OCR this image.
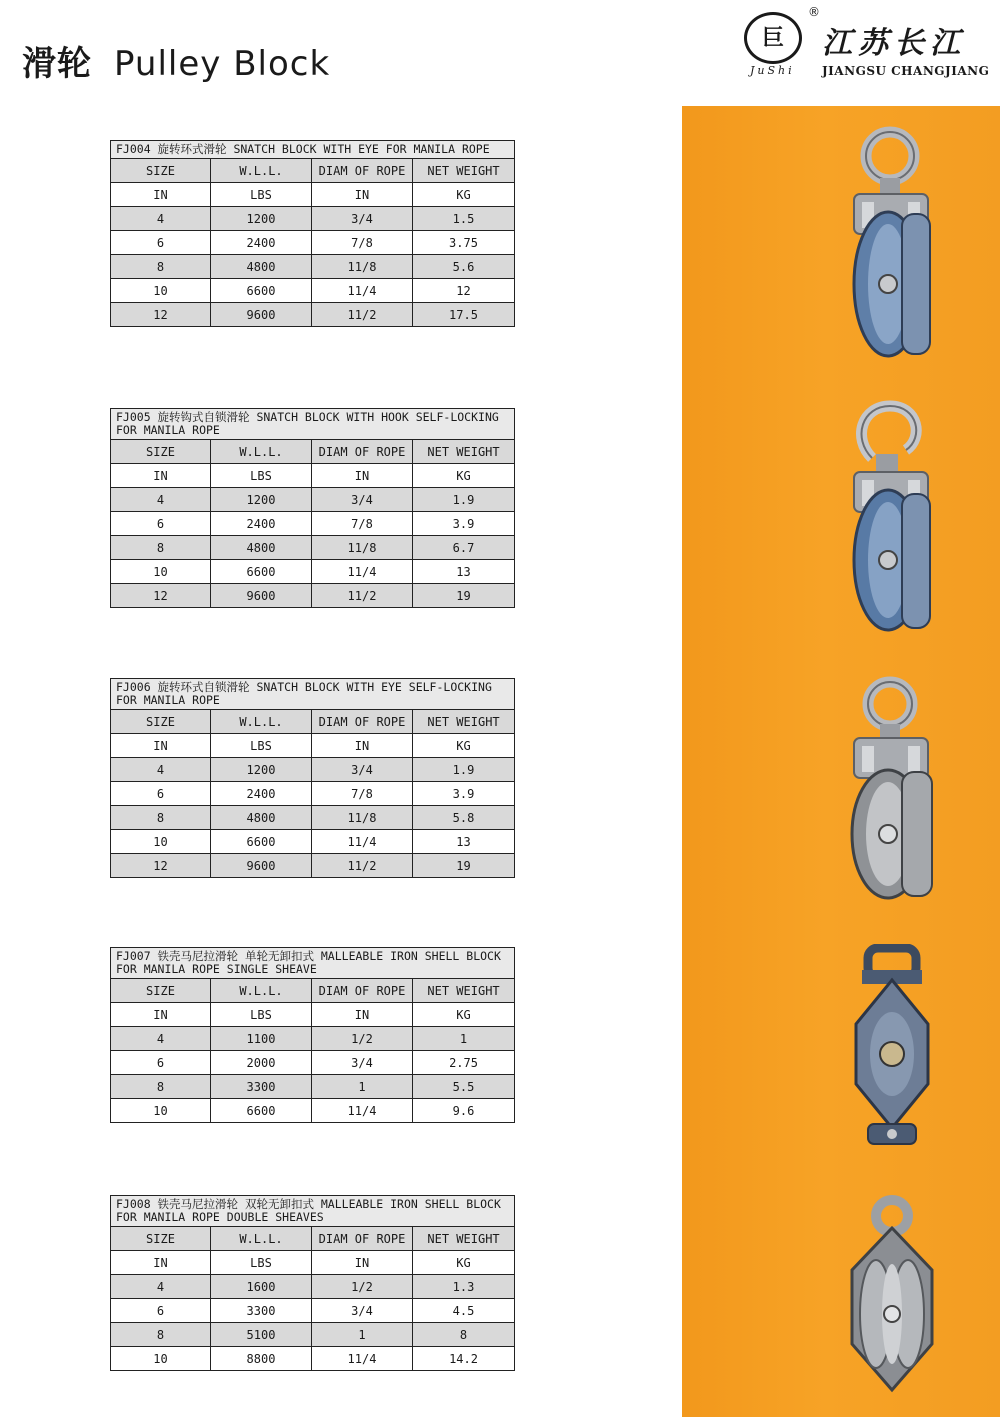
滑轮 Pulley Block
巨
JuShi
®
江苏长江
JIANGSU CHANGJIANG
FJ004 旋转环式滑轮 SNATCH BLOCK WITH EYE FOR MANILA ROPE			
SIZE	W.L.L.	DIAM OF ROPE	NET WEIGHT
IN	LBS	IN	KG
4	1200	3/4	1.5
6	2400	7/8	3.75
8	4800	11/8	5.6
10	6600	11/4	12
12	9600	11/2	17.5
FJ005 旋转钩式自锁滑轮 SNATCH BLOCK WITH HOOK SELF-LOCKING FOR MANILA ROPE			
SIZE	W.L.L.	DIAM OF ROPE	NET WEIGHT
IN	LBS	IN	KG
4	1200	3/4	1.9
6	2400	7/8	3.9
8	4800	11/8	6.7
10	6600	11/4	13
12	9600	11/2	19
FJ006 旋转环式自锁滑轮 SNATCH BLOCK WITH EYE SELF-LOCKING FOR MANILA ROPE			
SIZE	W.L.L.	DIAM OF ROPE	NET WEIGHT
IN	LBS	IN	KG
4	1200	3/4	1.9
6	2400	7/8	3.9
8	4800	11/8	5.8
10	6600	11/4	13
12	9600	11/2	19
FJ007 铁壳马尼拉滑轮 单轮无卸扣式 MALLEABLE IRON SHELL BLOCK FOR MANILA ROPE SINGLE SHEAVE			
SIZE	W.L.L.	DIAM OF ROPE	NET WEIGHT
IN	LBS	IN	KG
4	1100	1/2	1
6	2000	3/4	2.75
8	3300	1	5.5
10	6600	11/4	9.6
FJ008 铁壳马尼拉滑轮 双轮无卸扣式 MALLEABLE IRON SHELL BLOCK FOR MANILA ROPE DOUBLE SHEAVES			
SIZE	W.L.L.	DIAM OF ROPE	NET WEIGHT
IN	LBS	IN	KG
4	1600	1/2	1.3
6	3300	3/4	4.5
8	5100	1	8
10	8800	11/4	14.2
